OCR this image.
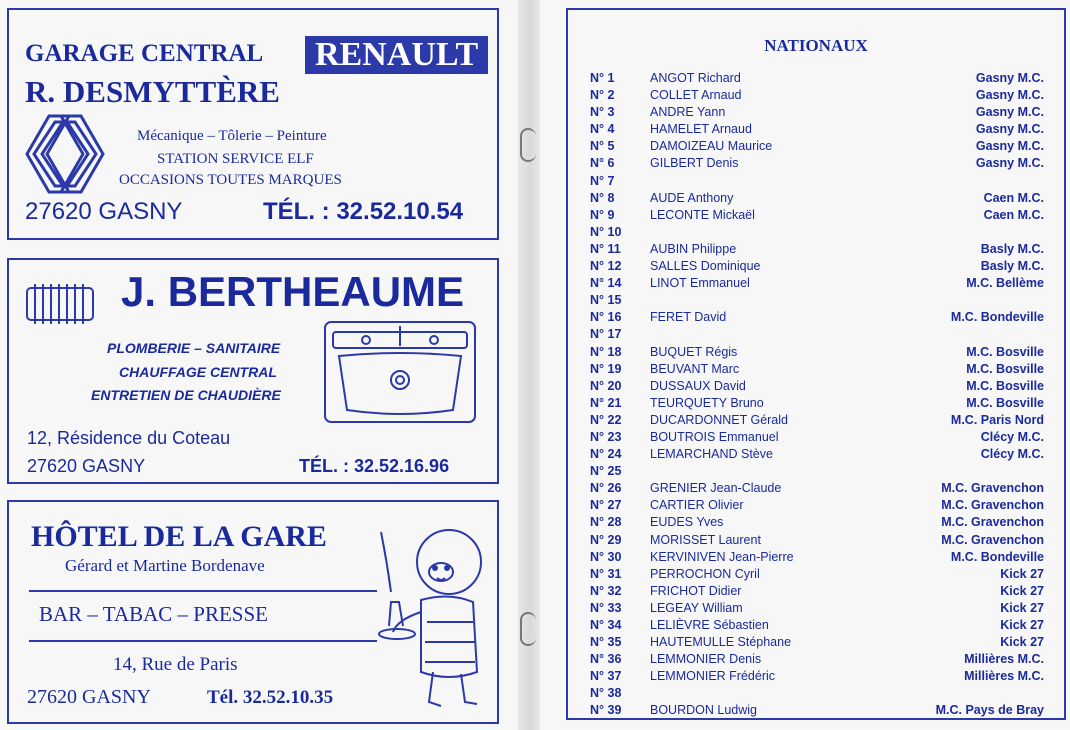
GARAGE CENTRAL
R. DESMYTTÈRE
RENAULT
Mécanique – Tôlerie – Peinture
STATION SERVICE ELF
OCCASIONS TOUTES MARQUES
27620 GASNY	TÉL. : 32.52.10.54
J. BERTHEAUME
PLOMBERIE – SANITAIRE
CHAUFFAGE CENTRAL
ENTRETIEN DE CHAUDIÈRE
12, Résidence du Coteau
27620 GASNY	TÉL. : 32.52.16.96
HÔTEL DE LA GARE
Gérard et Martine Bordenave
BAR – TABAC – PRESSE
14, Rue de Paris
27620 GASNY	Tél. 32.52.10.35
NATIONAUX
N° 1	ANGOT Richard	Gasny M.C.
N° 2	COLLET Arnaud	Gasny M.C.
N° 3	ANDRE Yann	Gasny M.C.
N° 4	HAMELET Arnaud	Gasny M.C.
N° 5	DAMOIZEAU Maurice	Gasny M.C.
N° 6	GILBERT Denis	Gasny M.C.
N° 7
N° 8	AUDE Anthony	Caen M.C.
N° 9	LECONTE Mickaël	Caen M.C.
N° 10
N° 11 AUBIN Philippe	Basly M.C.
N° 12 SALLES Dominique	Basly M.C.
N° 14 LINOT Emmanuel	M.C. Bellème
N° 15
N° 16 FERET David	M.C. Bondeville
N° 17
N° 18 BUQUET Régis	M.C. Bosville
N° 19 BEUVANT Marc	M.C. Bosville
N° 20 DUSSAUX David	M.C. Bosville
N° 21 TEURQUETY Bruno	M.C. Bosville
N° 22 DUCARDONNET Gérald	M.C. Paris Nord
N° 23 BOUTROIS Emmanuel	Clécy M.C.
N° 24 LEMARCHAND Stève	Clécy M.C.
N° 25
N° 26 GRENIER Jean-Claude	M.C. Gravenchon
N° 27 CARTIER Olivier	M.C. Gravenchon
N° 28 EUDES Yves	M.C. Gravenchon
N° 29 MORISSET Laurent	M.C. Gravenchon
N° 30 KERVINIVEN Jean-Pierre	M.C. Bondeville
N° 31 PERROCHON Cyril	Kick 27
N° 32 FRICHOT Didier	Kick 27
N° 33 LEGEAY William	Kick 27
N° 34 LELIÈVRE Sébastien	Kick 27
N° 35 HAUTEMULLE Stéphane	Kick 27
N° 36 LEMMONIER Denis	Millières M.C.
N° 37 LEMMONIER Frédéric	Millières M.C.
N° 38
N° 39 BOURDON Ludwig	M.C. Pays de Bray
